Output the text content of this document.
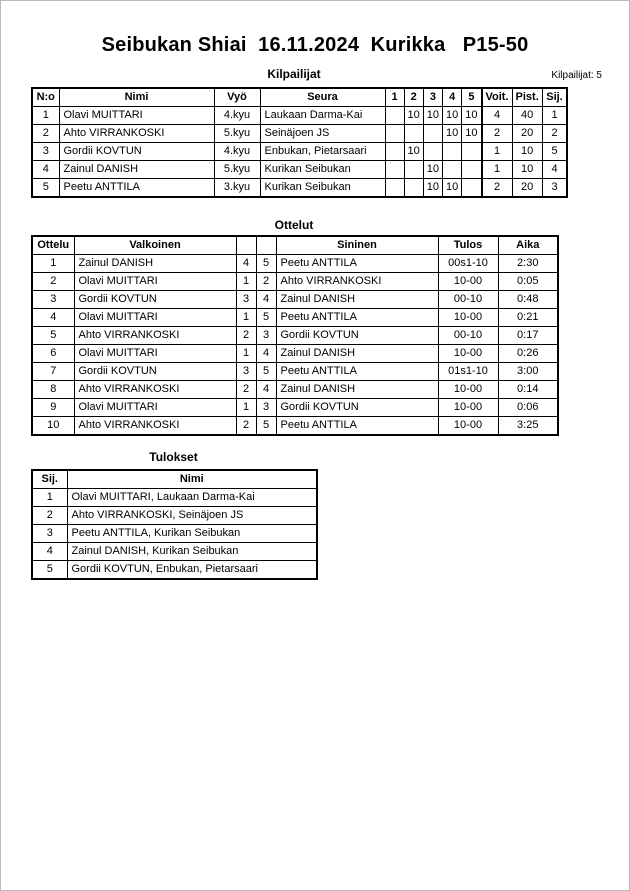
Seibukan Shiai  16.11.2024  Kurikka   P15-50
Kilpailijat	Kilpailijat: 5
N:o	Nimi	Vyö	Seura	1	2	3	4	5	Voit.	Pist.	Sij.
1	Olavi MUITTARI	4.kyu	Laukaan Darma-Kai		10	10	10	10	4	40	1
2	Ahto VIRRANKOSKI	5.kyu	Seinäjoen JS				10	10	2	20	2
3	Gordii KOVTUN	4.kyu	Enbukan, Pietarsaari		10				1	10	5
4	Zainul DANISH	5.kyu	Kurikan Seibukan			10			1	10	4
5	Peetu ANTTILA	3.kyu	Kurikan Seibukan			10	10		2	20	3
Ottelut
Ottelu	Valkoinen			Sininen	Tulos	Aika
1	Zainul DANISH	4	5	Peetu ANTTILA	00s1-10	2:30
2	Olavi MUITTARI	1	2	Ahto VIRRANKOSKI	10-00	0:05
3	Gordii KOVTUN	3	4	Zainul DANISH	00-10	0:48
4	Olavi MUITTARI	1	5	Peetu ANTTILA	10-00	0:21
5	Ahto VIRRANKOSKI	2	3	Gordii KOVTUN	00-10	0:17
6	Olavi MUITTARI	1	4	Zainul DANISH	10-00	0:26
7	Gordii KOVTUN	3	5	Peetu ANTTILA	01s1-10	3:00
8	Ahto VIRRANKOSKI	2	4	Zainul DANISH	10-00	0:14
9	Olavi MUITTARI	1	3	Gordii KOVTUN	10-00	0:06
10	Ahto VIRRANKOSKI	2	5	Peetu ANTTILA	10-00	3:25
Tulokset
Sij.	Nimi
1	Olavi MUITTARI, Laukaan Darma-Kai
2	Ahto VIRRANKOSKI, Seinäjoen JS
3	Peetu ANTTILA, Kurikan Seibukan
4	Zainul DANISH, Kurikan Seibukan
5	Gordii KOVTUN, Enbukan, Pietarsaari
